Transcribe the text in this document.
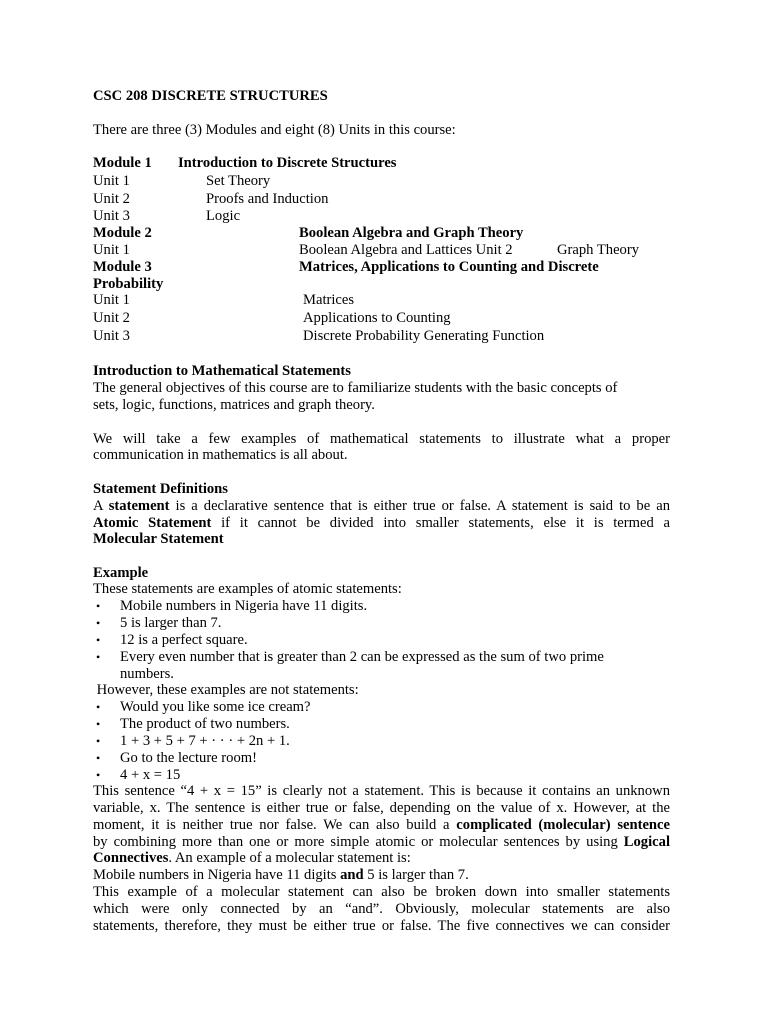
CSC 208 DISCRETE STRUCTURES
There are three (3) Modules and eight (8) Units in this course:
Module 1 Introduction to Discrete Structures
Unit 1	Set Theory
Unit 2	Proofs and Induction
Unit 3	Logic
Module 2	Boolean Algebra and Graph Theory
Unit 1	Boolean Algebra and Lattices Unit 2	Graph Theory
Module 3	Matrices, Applications to Counting and Discrete
Probability
Unit 1	Matrices
Unit 2	Applications to Counting
Unit 3	Discrete Probability Generating Function
Introduction to Mathematical Statements
The general objectives of this course are to familiarize students with the basic concepts of
sets, logic, functions, matrices and graph theory.
We will take a few examples of mathematical statements to illustrate what a proper
communication in mathematics is all about.
Statement Definitions
A statement is a declarative sentence that is either true or false. A statement is said to be an
Atomic Statement if it cannot be divided into smaller statements, else it is termed a
Molecular Statement
Example
These statements are examples of atomic statements:
• Mobile numbers in Nigeria have 11 digits.
• 5 is larger than 7.
• 12 is a perfect square.
• Every even number that is greater than 2 can be expressed as the sum of two prime
numbers.
However, these examples are not statements:
• Would you like some ice cream?
• The product of two numbers.
• 1 + 3 + 5 + 7 + · · · + 2n + 1.
• Go to the lecture room!
• 4 + x = 15
This sentence “4 + x = 15” is clearly not a statement. This is because it contains an unknown
variable, x. The sentence is either true or false, depending on the value of x. However, at the
moment, it is neither true nor false. We can also build a complicated (molecular) sentence
by combining more than one or more simple atomic or molecular sentences by using Logical
Connectives. An example of a molecular statement is:
Mobile numbers in Nigeria have 11 digits and 5 is larger than 7.
This example of a molecular statement can also be broken down into smaller statements
which were only connected by an “and”. Obviously, molecular statements are also
statements, therefore, they must be either true or false. The five connectives we can consider
